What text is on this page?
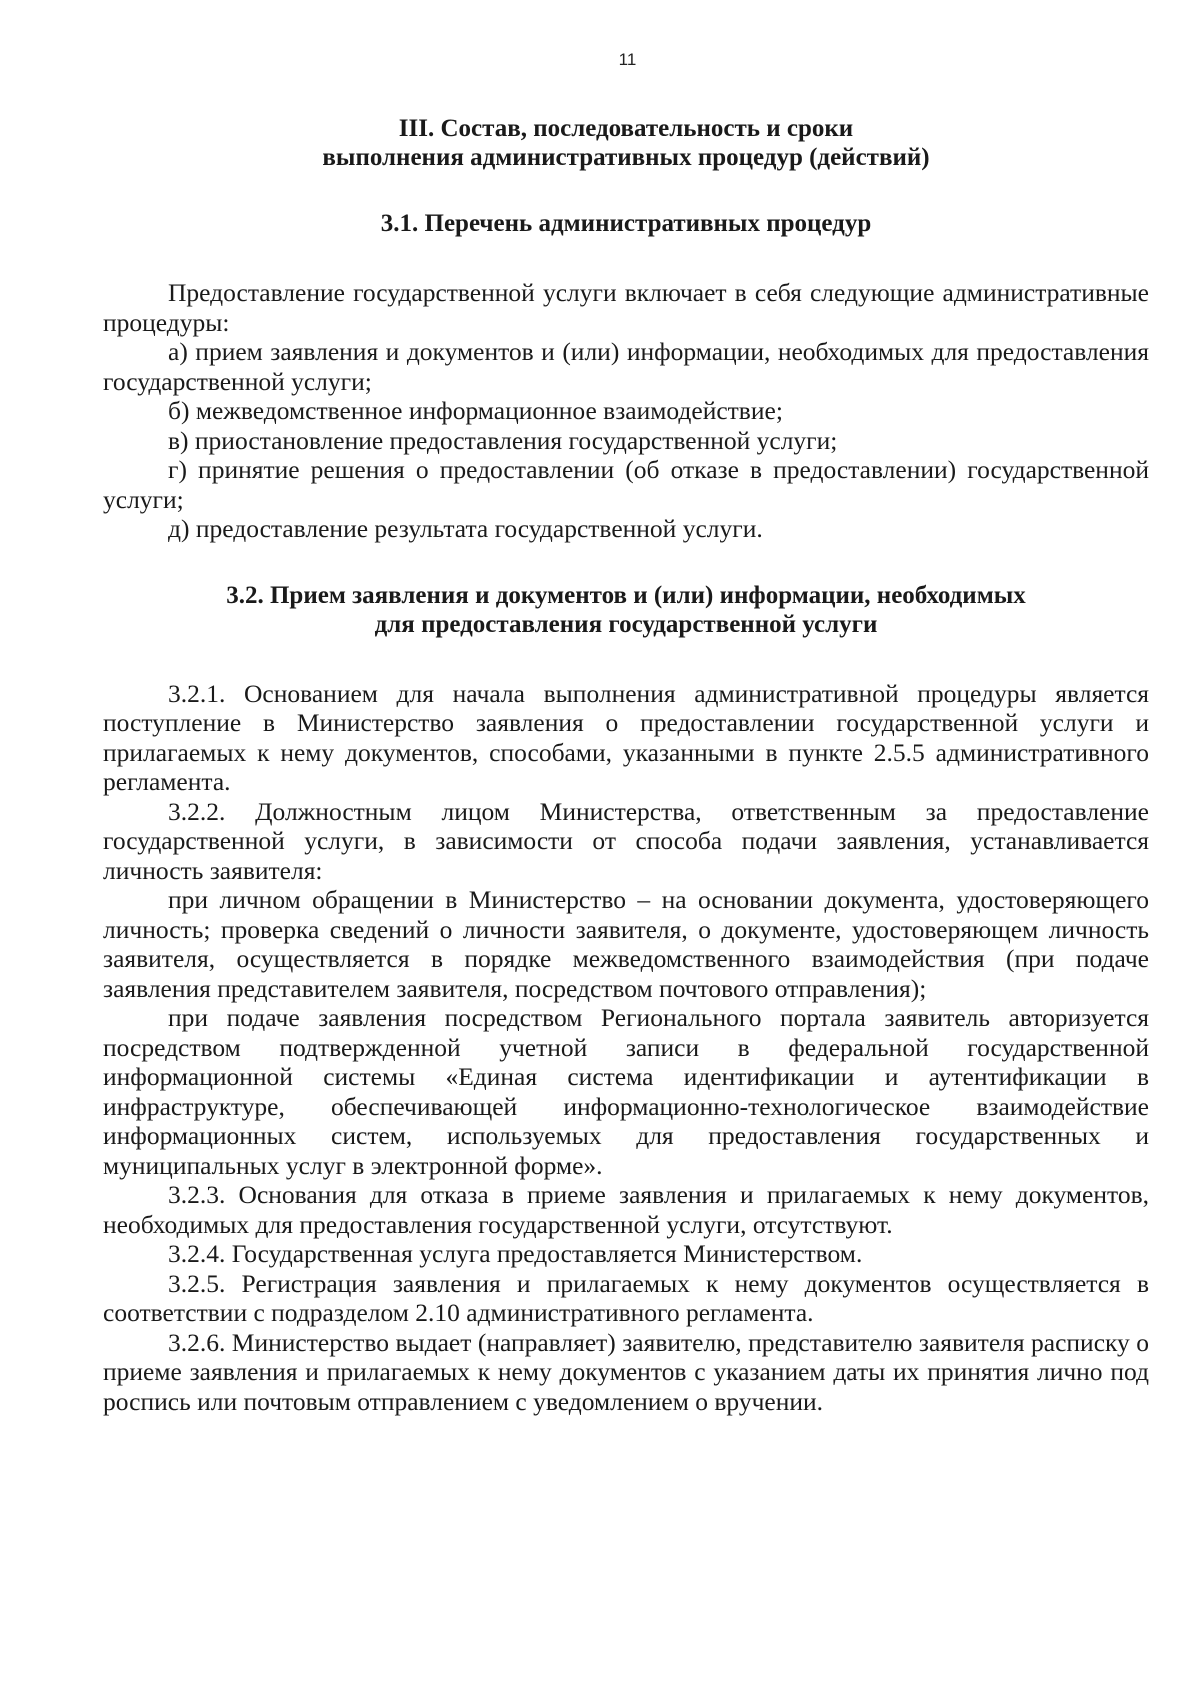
11
III. Состав, последовательность и сроки
выполнения административных процедур (действий)
3.1. Перечень административных процедур

Предоставление государственной услуги включает в себя следующие административные процедуры:

а) прием заявления и документов и (или) информации, необходимых для предоставления государственной услуги;

б) межведомственное информационное взаимодействие;

в) приостановление предоставления государственной услуги;

г) принятие решения о предоставлении (об отказе в предоставлении) государственной услуги;

д) предоставление результата государственной услуги.

3.2. Прием заявления и документов и (или) информации, необходимых
для предоставления государственной услуги

3.2.1. Основанием для начала выполнения административной процедуры является поступление в Министерство заявления о предоставлении государственной услуги и прилагаемых к нему документов, способами, указанными в пункте 2.5.5 административного регламента.

3.2.2. Должностным лицом Министерства, ответственным за предоставление государственной услуги, в зависимости от способа подачи заявления, устанавливается личность заявителя:

при личном обращении в Министерство – на основании документа, удостоверяющего личность; проверка сведений о личности заявителя, о документе, удостоверяющем личность заявителя, осуществляется в порядке межведомственного взаимодействия (при подаче заявления представителем заявителя, посредством почтового отправления);

при подаче заявления посредством Регионального портала заявитель авторизуется посредством подтвержденной учетной записи в федеральной государственной информационной системы «Единая система идентификации и аутентификации в инфраструктуре, обеспечивающей информационно-технологическое взаимодействие информационных систем, используемых для предоставления государственных и муниципальных услуг в электронной форме».

3.2.3. Основания для отказа в приеме заявления и прилагаемых к нему документов, необходимых для предоставления государственной услуги, отсутствуют.

3.2.4. Государственная услуга предоставляется Министерством.

3.2.5. Регистрация заявления и прилагаемых к нему документов осуществляется в соответствии с подразделом 2.10 административного регламента.

3.2.6. Министерство выдает (направляет) заявителю, представителю заявителя расписку о приеме заявления и прилагаемых к нему документов с указанием даты их принятия лично под роспись или почтовым отправлением с уведомлением о вручении.
